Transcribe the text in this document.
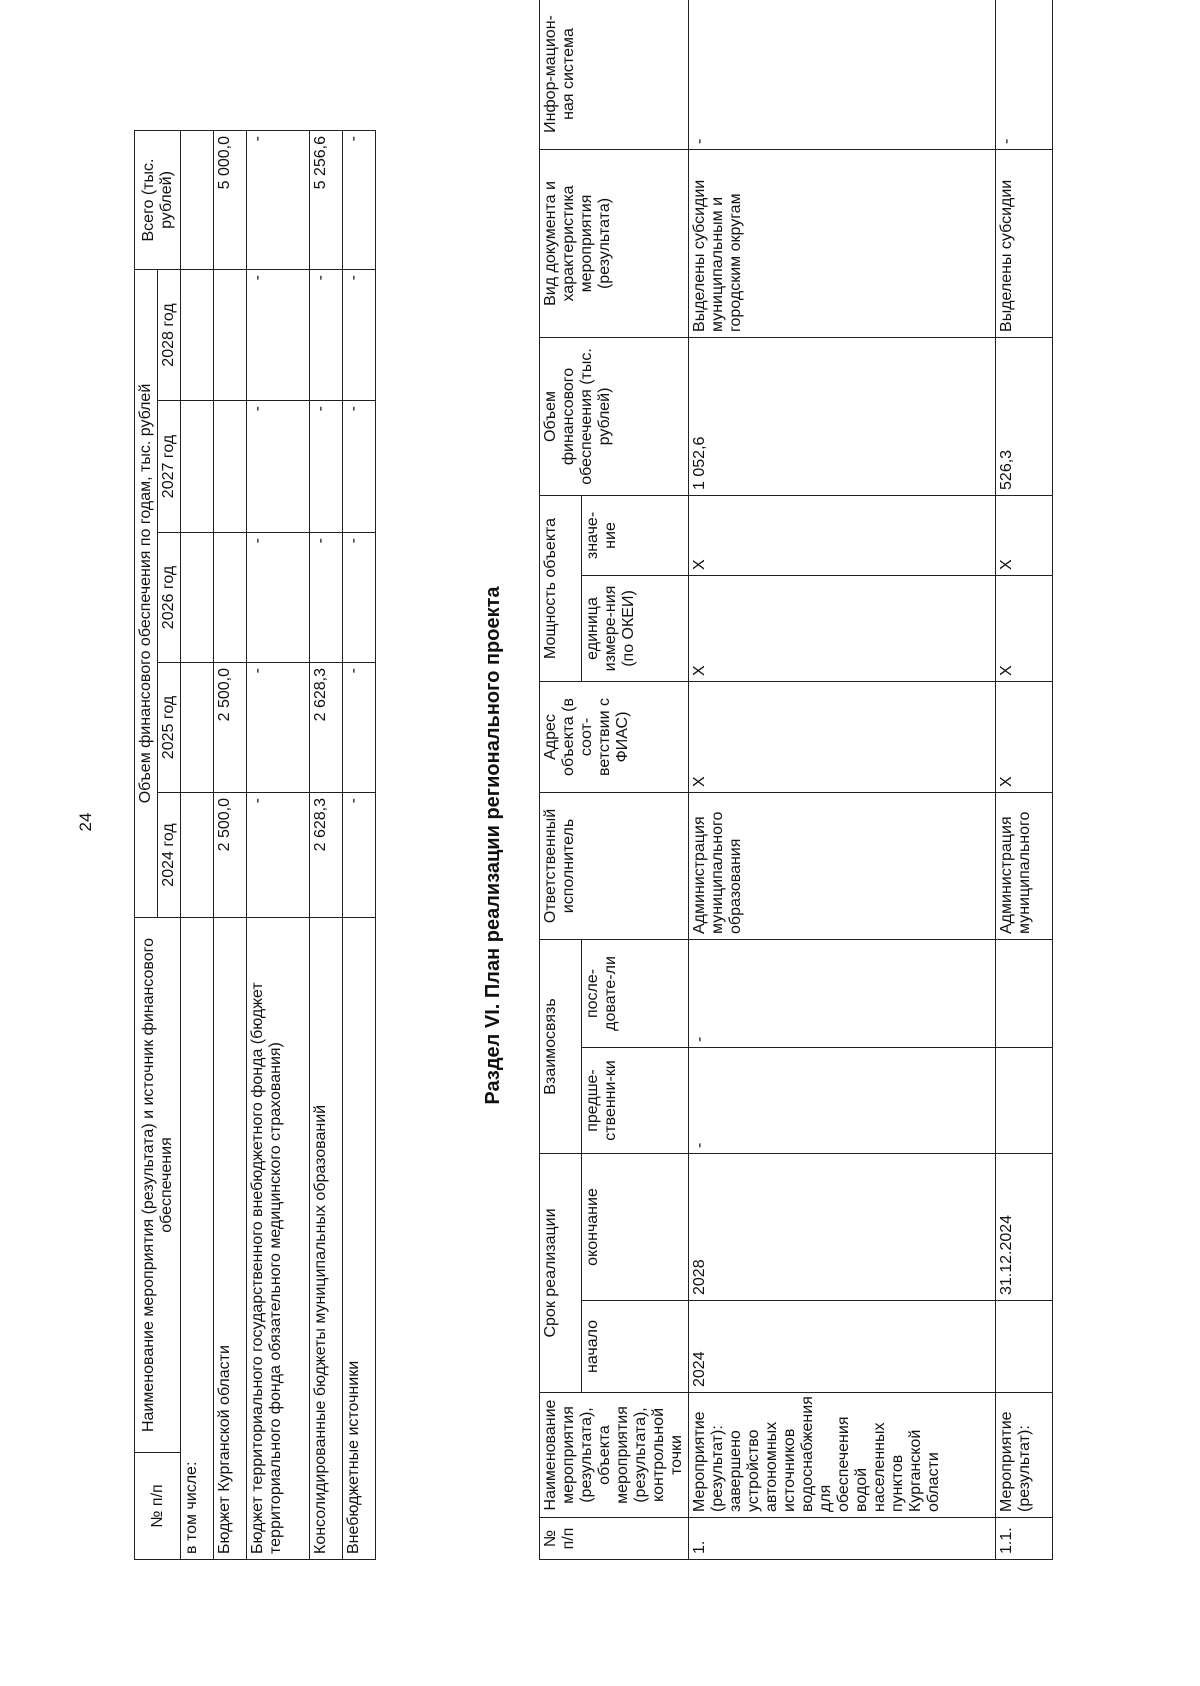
24
№ п/п	Наименование мероприятия (результата) и источник финансового обеспечения	Объем финансового обеспечения по годам, тыс. рублей					Всего (тыс. рублей)
		2024 год	2025 год	2026 год	2027 год	2028 год	
в том числе:							
Бюджет Курганской области		2 500,0	2 500,0				5 000,0
Бюджет территориального государственного внебюджетного фонда (бюджет территориального фонда обязательного медицинского страхования)		-	-	-	-	-	-
Консолидированные бюджеты муниципальных образований		2 628,3	2 628,3	-	-	-	5 256,6
Внебюджетные источники		-	-	-	-	-	-
Раздел VI. План реализации регионального проекта
№ п/п	Наименование мероприятия (результата), объекта мероприятия (результата), контрольной точки	Срок реализации		Взаимосвязь		Ответственный исполнитель	Адрес объекта (в соот-ветствии с ФИАС)	Мощность объекта		Объем финансового обеспечения (тыс. рублей)	Вид документа и характеристика мероприятия (результата)	Инфор-мацион-ная система
		начало	окончание	предше-ственни-ки	после-довате-ли			единица измере-ния (по ОКЕИ)	значе-ние			
1.	Мероприятие (результат): завершено устройство автономных источников водоснабжения для обеспечения водой населенных пунктов Курганской области	2024	2028	-	-	Администрация муниципального образования	Х	Х	Х	1 052,6	Выделены субсидии муниципальным и городским округам	-
1.1.	Мероприятие (результат):		31.12.2024			Администрация муниципального	Х	Х	Х	526,3	Выделены субсидии	-
